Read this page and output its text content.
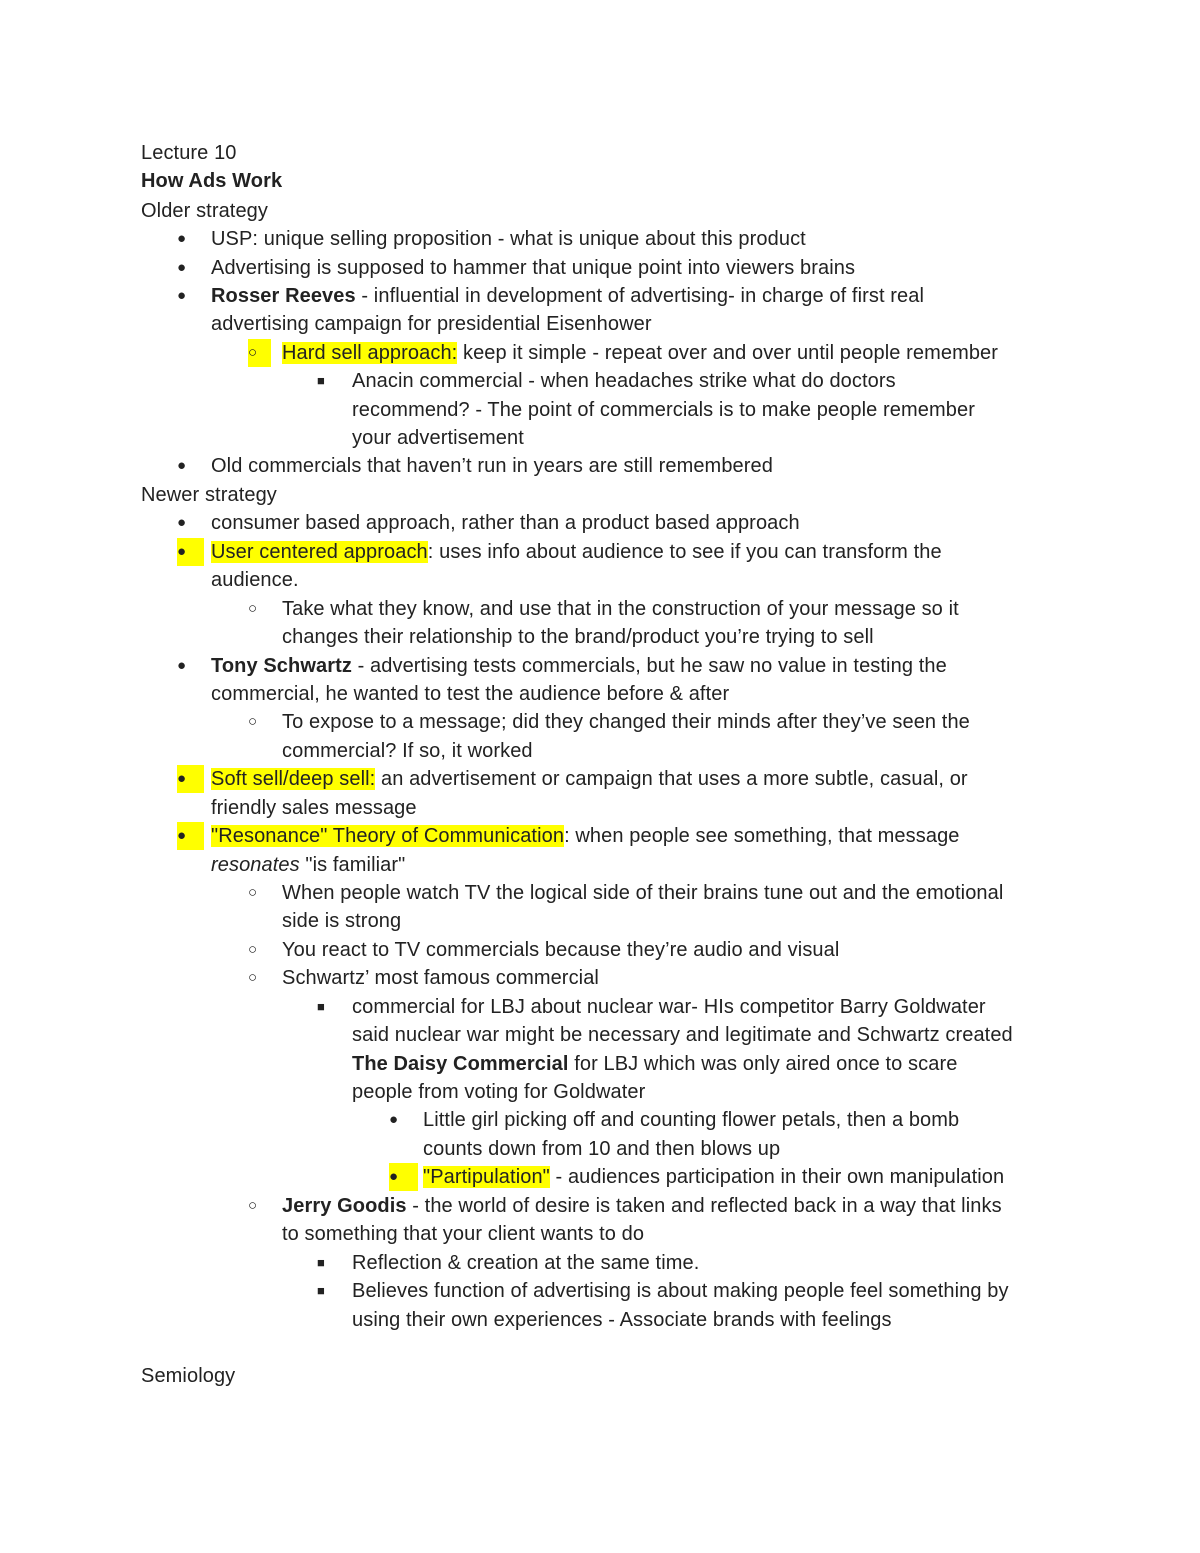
Lecture 10
How Ads Work
Older strategy
● USP: unique selling proposition - what is unique about this product
● Advertising is supposed to hammer that unique point into viewers brains
● Rosser Reeves - influential in development of advertising- in charge of first real
advertising campaign for presidential Eisenhower
○	Hard sell approach: keep it simple - repeat over and over until people remember
■ Anacin commercial - when headaches strike what do doctors
recommend? - The point of commercials is to make people remember
your advertisement
● Old commercials that haven’t run in years are still remembered
Newer strategy
● consumer based approach, rather than a product based approach
●	User centered approach: uses info about audience to see if you can transform the
audience.
○ Take what they know, and use that in the construction of your message so it
changes their relationship to the brand/product you’re trying to sell
● Tony Schwartz - advertising tests commercials, but he saw no value in testing the
commercial, he wanted to test the audience before & after
○ To expose to a message; did they changed their minds after they’ve seen the
commercial? If so, it worked
●	Soft sell/deep sell: an advertisement or campaign that uses a more subtle, casual, or
friendly sales message
●	"Resonance" Theory of Communication: when people see something, that message
resonates "is familiar"
○ When people watch TV the logical side of their brains tune out and the emotional
side is strong
○ You react to TV commercials because they’re audio and visual
○ Schwartz’ most famous commercial
■ commercial for LBJ about nuclear war- HIs competitor Barry Goldwater
said nuclear war might be necessary and legitimate and Schwartz created
The Daisy Commercial for LBJ which was only aired once to scare
people from voting for Goldwater
● Little girl picking off and counting flower petals, then a bomb
counts down from 10 and then blows up
●	"Partipulation" - audiences participation in their own manipulation
○ Jerry Goodis - the world of desire is taken and reflected back in a way that links
to something that your client wants to do
■ Reflection & creation at the same time.
■ Believes function of advertising is about making people feel something by
using their own experiences - Associate brands with feelings
Semiology
